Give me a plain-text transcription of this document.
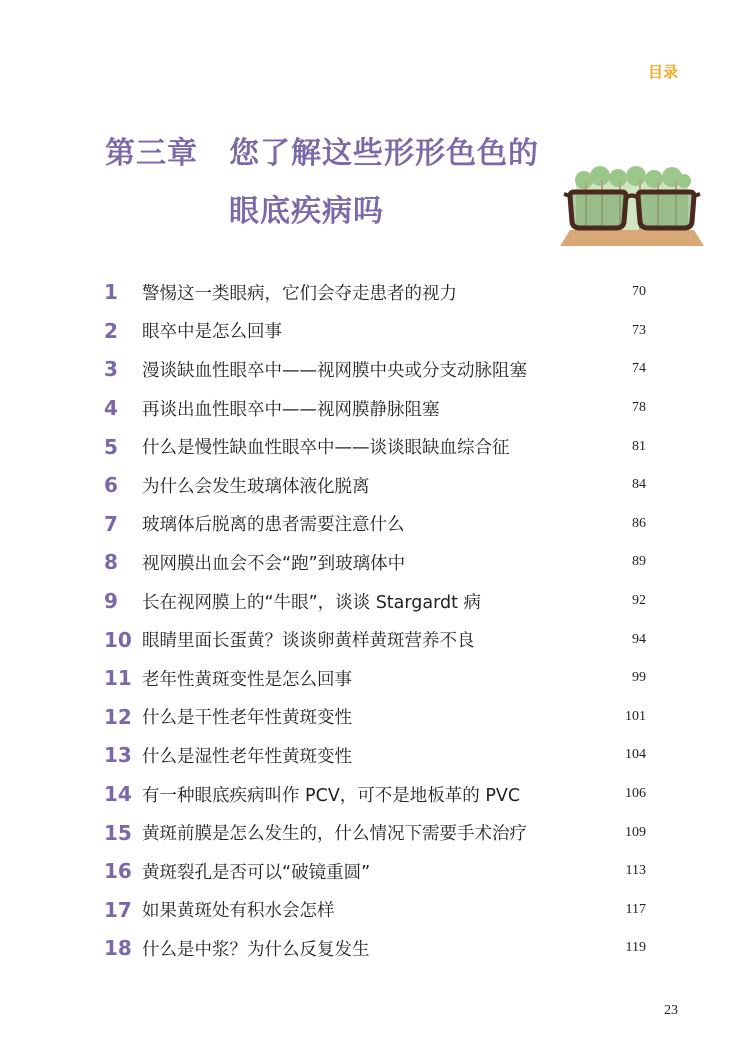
目录
第三章 您了解这些形形色色的
眼底疾病吗
1	警惕这一类眼病，它们会夺走患者的视力	70
2	眼卒中是怎么回事	73
3	漫谈缺血性眼卒中——视网膜中央或分支动脉阻塞	74
4	再谈出血性眼卒中——视网膜静脉阻塞	78
5	什么是慢性缺血性眼卒中——谈谈眼缺血综合征	81
6	为什么会发生玻璃体液化脱离	84
7	玻璃体后脱离的患者需要注意什么	86
8	视网膜出血会不会“跑”到玻璃体中	89
9	长在视网膜上的“牛眼”，谈谈 Stargardt 病	92
10 眼睛里面长蛋黄？谈谈卵黄样黄斑营养不良	94
11 老年性黄斑变性是怎么回事	99
12 什么是干性老年性黄斑变性	101
13 什么是湿性老年性黄斑变性	104
14 有一种眼底疾病叫作 PCV，可不是地板革的 PVC	106
15 黄斑前膜是怎么发生的，什么情况下需要手术治疗	109
16 黄斑裂孔是否可以“破镜重圆”	113
17 如果黄斑处有积水会怎样	117
18 什么是中浆？为什么反复发生	119
23
